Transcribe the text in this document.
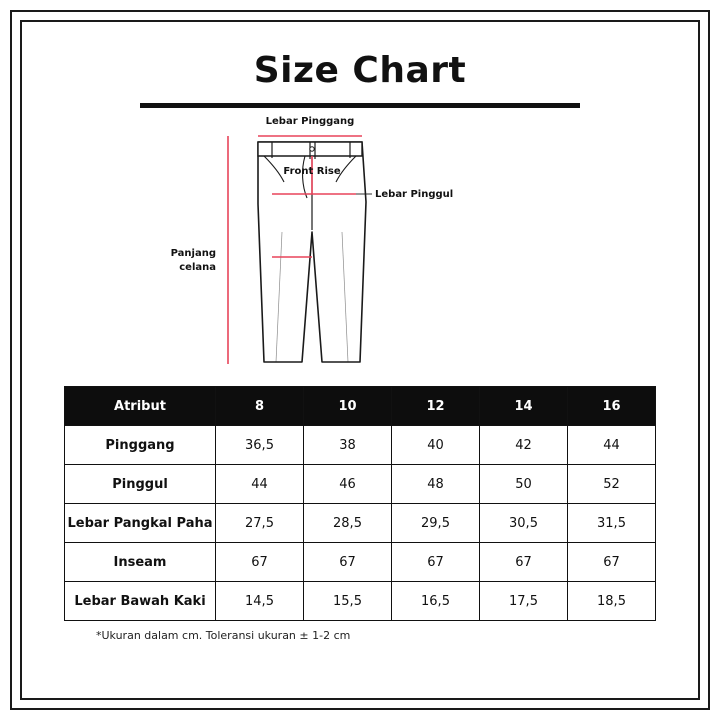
Size Chart
Lebar Pinggang
Front Rise
Lebar Pinggul
Panjang
celana
Atribut	8	10	12	14	16
Pinggang	36,5	38	40	42	44
Pinggul	44	46	48	50	52
Lebar Pangkal Paha	27,5	28,5	29,5	30,5	31,5
Inseam	67	67	67	67	67
Lebar Bawah Kaki	14,5	15,5	16,5	17,5	18,5
*Ukuran dalam cm. Toleransi ukuran ± 1-2 cm
